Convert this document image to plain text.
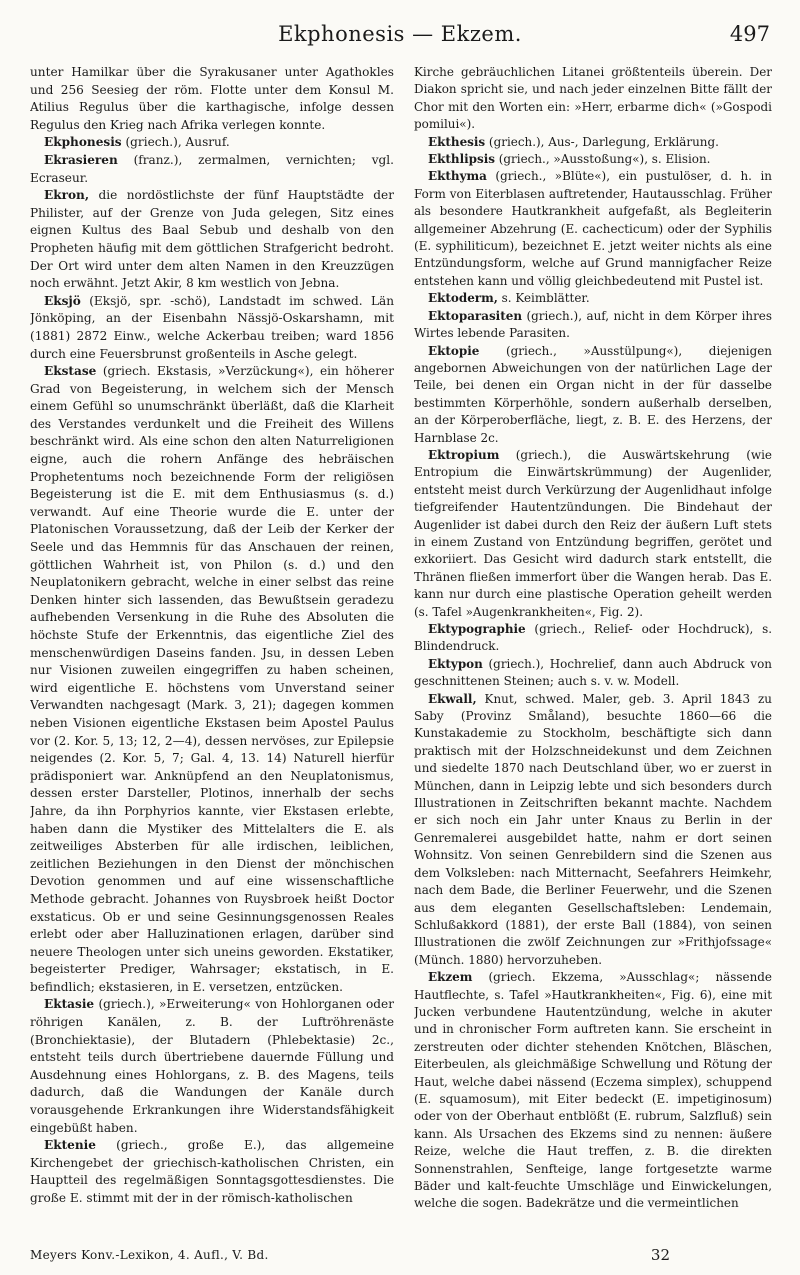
Ekphonesis — Ekzem.	497

unter Hamilkar über die Syrakusaner unter Agathokles und 256 Seesieg der röm. Flotte unter dem Konsul M. Atilius Regulus über die karthagische, infolge dessen Regulus den Krieg nach Afrika verlegen konnte.

Ekphonesis (griech.), Ausruf.

Ekrasieren (franz.), zermalmen, vernichten; vgl. Ecraseur.

Ekron, die nordöstlichste der fünf Hauptstädte der Philister, auf der Grenze von Juda gelegen, Sitz eines eignen Kultus des Baal Sebub und deshalb von den Propheten häufig mit dem göttlichen Strafgericht bedroht. Der Ort wird unter dem alten Namen in den Kreuzzügen noch erwähnt. Jetzt Akir, 8 km westlich von Jebna.

Eksjö (Eksjö, spr. -schö), Landstadt im schwed. Län Jönköping, an der Eisenbahn Nässjö-Oskarshamn, mit (1881) 2872 Einw., welche Ackerbau treiben; ward 1856 durch eine Feuersbrunst großenteils in Asche gelegt.

Ekstase (griech. Ekstasis, »Verzückung«), ein höherer Grad von Begeisterung, in welchem sich der Mensch einem Gefühl so unumschränkt überläßt, daß die Klarheit des Verstandes verdunkelt und die Freiheit des Willens beschränkt wird. Als eine schon den alten Naturreligionen eigne, auch die rohern Anfänge des hebräischen Prophetentums noch bezeichnende Form der religiösen Begeisterung ist die E. mit dem Enthusiasmus (s. d.) verwandt. Auf eine Theorie wurde die E. unter der Platonischen Voraussetzung, daß der Leib der Kerker der Seele und das Hemmnis für das Anschauen der reinen, göttlichen Wahrheit ist, von Philon (s. d.) und den Neuplatonikern gebracht, welche in einer selbst das reine Denken hinter sich lassenden, das Bewußtsein geradezu aufhebenden Versenkung in die Ruhe des Absoluten die höchste Stufe der Erkenntnis, das eigentliche Ziel des menschenwürdigen Daseins fanden. Jsu, in dessen Leben nur Visionen zuweilen eingegriffen zu haben scheinen, wird eigentliche E. höchstens vom Unverstand seiner Verwandten nachgesagt (Mark. 3, 21); dagegen kommen neben Visionen eigentliche Ekstasen beim Apostel Paulus vor (2. Kor. 5, 13; 12, 2—4), dessen nervöses, zur Epilepsie neigendes (2. Kor. 5, 7; Gal. 4, 13. 14) Naturell hierfür prädisponiert war. Anknüpfend an den Neuplatonismus, dessen erster Darsteller, Plotinos, innerhalb der sechs Jahre, da ihn Porphyrios kannte, vier Ekstasen erlebte, haben dann die Mystiker des Mittelalters die E. als zeitweiliges Absterben für alle irdischen, leiblichen, zeitlichen Beziehungen in den Dienst der mönchischen Devotion genommen und auf eine wissenschaftliche Methode gebracht. Johannes von Ruysbroek heißt Doctor exstaticus. Ob er und seine Gesinnungsgenossen Reales erlebt oder aber Halluzinationen erlagen, darüber sind neuere Theologen unter sich uneins geworden. Ekstatiker, begeisterter Prediger, Wahrsager; ekstatisch, in E. befindlich; ekstasieren, in E. versetzen, entzücken.

Ektasie (griech.), »Erweiterung« von Hohlorganen oder röhrigen Kanälen, z. B. der Luftröhrenäste (Bronchiektasie), der Blutadern (Phlebektasie) 2c., entsteht teils durch übertriebene dauernde Füllung und Ausdehnung eines Hohlorgans, z. B. des Magens, teils dadurch, daß die Wandungen der Kanäle durch vorausgehende Erkrankungen ihre Widerstandsfähigkeit eingebüßt haben.

Ektenie (griech., große E.), das allgemeine Kirchengebet der griechisch-katholischen Christen, ein Hauptteil des regelmäßigen Sonntagsgottesdienstes. Die große E. stimmt mit der in der römisch-katholischen

Kirche gebräuchlichen Litanei größtenteils überein. Der Diakon spricht sie, und nach jeder einzelnen Bitte fällt der Chor mit den Worten ein: »Herr, erbarme dich« (»Gospodi pomilui«).

Ekthesis (griech.), Aus-, Darlegung, Erklärung.

Ekthlipsis (griech., »Ausstoßung«), s. Elision.

Ekthyma (griech., »Blüte«), ein pustulöser, d. h. in Form von Eiterblasen auftretender, Hautausschlag. Früher als besondere Hautkrankheit aufgefaßt, als Begleiterin allgemeiner Abzehrung (E. cachecticum) oder der Syphilis (E. syphiliticum), bezeichnet E. jetzt weiter nichts als eine Entzündungsform, welche auf Grund mannigfacher Reize entstehen kann und völlig gleichbedeutend mit Pustel ist.

Ektoderm, s. Keimblätter.

Ektoparasiten (griech.), auf, nicht in dem Körper ihres Wirtes lebende Parasiten.

Ektopie (griech., »Ausstülpung«), diejenigen angebornen Abweichungen von der natürlichen Lage der Teile, bei denen ein Organ nicht in der für dasselbe bestimmten Körperhöhle, sondern außerhalb derselben, an der Körperoberfläche, liegt, z. B. E. des Herzens, der Harnblase 2c.

Ektropium (griech.), die Auswärtskehrung (wie Entropium die Einwärtskrümmung) der Augenlider, entsteht meist durch Verkürzung der Augenlidhaut infolge tiefgreifender Hautentzündungen. Die Bindehaut der Augenlider ist dabei durch den Reiz der äußern Luft stets in einem Zustand von Entzündung begriffen, gerötet und exkoriiert. Das Gesicht wird dadurch stark entstellt, die Thränen fließen immerfort über die Wangen herab. Das E. kann nur durch eine plastische Operation geheilt werden (s. Tafel »Augenkrankheiten«, Fig. 2).

Ektypographie (griech., Relief- oder Hochdruck), s. Blindendruck.

Ektypon (griech.), Hochrelief, dann auch Abdruck von geschnittenen Steinen; auch s. v. w. Modell.

Ekwall, Knut, schwed. Maler, geb. 3. April 1843 zu Saby (Provinz Småland), besuchte 1860—66 die Kunstakademie zu Stockholm, beschäftigte sich dann praktisch mit der Holzschneidekunst und dem Zeichnen und siedelte 1870 nach Deutschland über, wo er zuerst in München, dann in Leipzig lebte und sich besonders durch Illustrationen in Zeitschriften bekannt machte. Nachdem er sich noch ein Jahr unter Knaus zu Berlin in der Genremalerei ausgebildet hatte, nahm er dort seinen Wohnsitz. Von seinen Genrebildern sind die Szenen aus dem Volksleben: nach Mitternacht, Seefahrers Heimkehr, nach dem Bade, die Berliner Feuerwehr, und die Szenen aus dem eleganten Gesellschaftsleben: Lendemain, Schlußakkord (1881), der erste Ball (1884), von seinen Illustrationen die zwölf Zeichnungen zur »Frithjofssage« (Münch. 1880) hervorzuheben.

Ekzem (griech. Ekzema, »Ausschlag«; nässende Hautflechte, s. Tafel »Hautkrankheiten«, Fig. 6), eine mit Jucken verbundene Hautentzündung, welche in akuter und in chronischer Form auftreten kann. Sie erscheint in zerstreuten oder dichter stehenden Knötchen, Bläschen, Eiterbeulen, als gleichmäßige Schwellung und Rötung der Haut, welche dabei nässend (Eczema simplex), schuppend (E. squamosum), mit Eiter bedeckt (E. impetiginosum) oder von der Oberhaut entblößt (E. rubrum, Salzfluß) sein kann. Als Ursachen des Ekzems sind zu nennen: äußere Reize, welche die Haut treffen, z. B. die direkten Sonnenstrahlen, Senfteige, lange fortgesetzte warme Bäder und kalt-feuchte Umschläge und Einwickelungen, welche die sogen. Badekrätze und die vermeintlichen

Meyers Konv.-Lexikon, 4. Aufl., V. Bd.	32
